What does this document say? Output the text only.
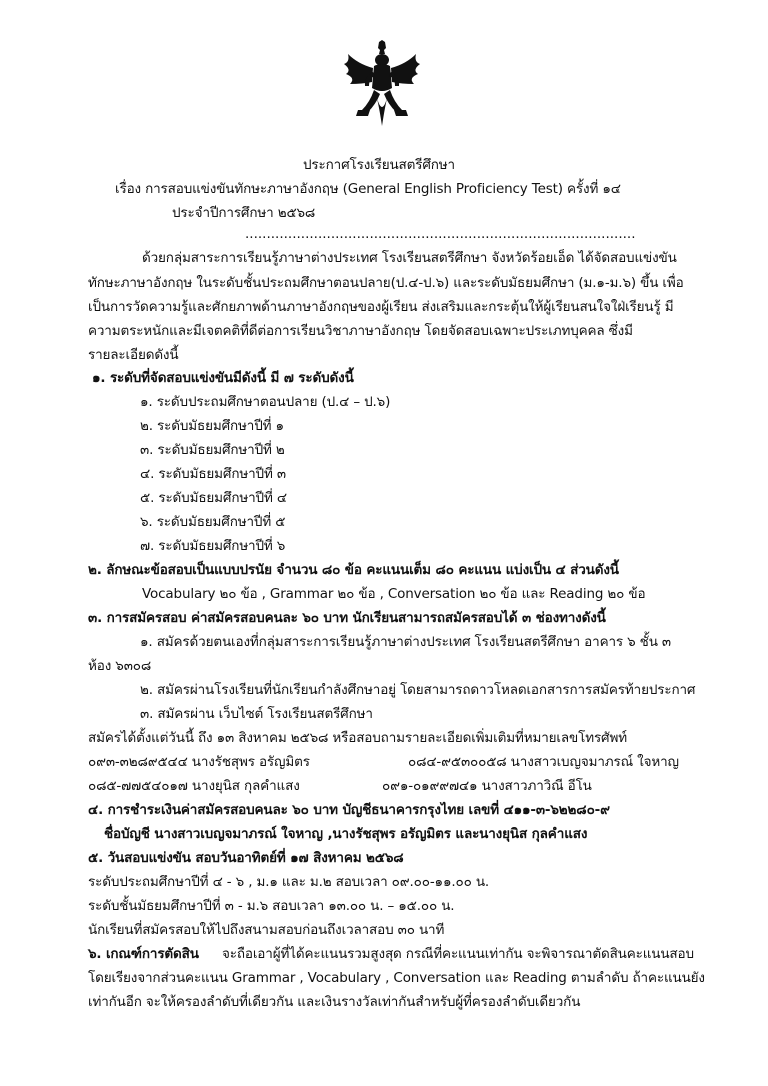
ประกาศโรงเรียนสตรีศึกษา
เรื่อง การสอบแข่งขันทักษะภาษาอังกฤษ (General English Proficiency Test) ครั้งที่ ๑๔
ประจำปีการศึกษา ๒๕๖๘
...........................................................................................
ด้วยกลุ่มสาระการเรียนรู้ภาษาต่างประเทศ โรงเรียนสตรีศึกษา จังหวัดร้อยเอ็ด ได้จัดสอบแข่งขัน
ทักษะภาษาอังกฤษ ในระดับชั้นประถมศึกษาตอนปลาย(ป.๔-ป.๖) และระดับมัธยมศึกษา (ม.๑-ม.๖) ขึ้น เพื่อ
เป็นการวัดความรู้และศักยภาพด้านภาษาอังกฤษของผู้เรียน ส่งเสริมและกระตุ้นให้ผู้เรียนสนใจใฝ่เรียนรู้ มี
ความตระหนักและมีเจตคติที่ดีต่อการเรียนวิชาภาษาอังกฤษ โดยจัดสอบเฉพาะประเภทบุคคล ซึ่งมี
รายละเอียดดังนี้
๑. ระดับที่จัดสอบแข่งขันมีดังนี้ มี ๗ ระดับดังนี้
๑. ระดับประถมศึกษาตอนปลาย (ป.๔ – ป.๖)
๒. ระดับมัธยมศึกษาปีที่ ๑
๓. ระดับมัธยมศึกษาปีที่ ๒
๔. ระดับมัธยมศึกษาปีที่ ๓
๕. ระดับมัธยมศึกษาปีที่ ๔
๖. ระดับมัธยมศึกษาปีที่ ๕
๗. ระดับมัธยมศึกษาปีที่ ๖
๒. ลักษณะข้อสอบเป็นแบบปรนัย จำนวน ๘๐ ข้อ คะแนนเต็ม ๘๐ คะแนน แบ่งเป็น ๔ ส่วนดังนี้
Vocabulary ๒๐ ข้อ , Grammar ๒๐ ข้อ , Conversation ๒๐ ข้อ และ Reading ๒๐ ข้อ
๓. การสมัครสอบ ค่าสมัครสอบคนละ ๖๐ บาท นักเรียนสามารถสมัครสอบได้ ๓ ช่องทางดังนี้
๑. สมัครด้วยตนเองที่กลุ่มสาระการเรียนรู้ภาษาต่างประเทศ โรงเรียนสตรีศึกษา อาคาร ๖ ชั้น ๓
ห้อง ๖๓๐๘
๒. สมัครผ่านโรงเรียนที่นักเรียนกำลังศึกษาอยู่ โดยสามารถดาวโหลดเอกสารการสมัครท้ายประกาศ
๓. สมัครผ่าน เว็บไซต์ โรงเรียนสตรีศึกษา
สมัครได้ตั้งแต่วันนี้ ถึง ๑๓ สิงหาคม ๒๕๖๘ หรือสอบถามรายละเอียดเพิ่มเติมที่หมายเลขโทรศัพท์
๐๙๓-๓๒๘๙๕๔๔ นางรัชสุพร อรัญมิตร	๐๘๔-๙๕๓๐๐๕๘ นางสาวเบญจมาภรณ์ ใจหาญ
๐๘๕-๗๗๕๔๐๑๗ นางยุนิส กุลคำแสง	๐๙๑-๐๑๙๙๗๔๑ นางสาวภาวิณี อีโน
๔. การชำระเงินค่าสมัครสอบคนละ ๖๐ บาท บัญชีธนาคารกรุงไทย เลขที่ ๔๑๑-๓-๖๒๒๘๐-๙
ชื่อบัญชี นางสาวเบญจมาภรณ์ ใจหาญ ,นางรัชสุพร อรัญมิตร และนางยุนิส กุลคำแสง
๕. วันสอบแข่งขัน สอบวันอาทิตย์ที่ ๑๗ สิงหาคม ๒๕๖๘
ระดับประถมศึกษาปีที่ ๔ - ๖ , ม.๑ และ ม.๒ สอบเวลา ๐๙.๐๐-๑๑.๐๐ น.
ระดับชั้นมัธยมศึกษาปีที่ ๓ - ม.๖ สอบเวลา ๑๓.๐๐ น. – ๑๕.๐๐ น.
นักเรียนที่สมัครสอบให้ไปถึงสนามสอบก่อนถึงเวลาสอบ ๓๐ นาที
๖. เกณฑ์การตัดสิน จะถือเอาผู้ที่ได้คะแนนรวมสูงสุด กรณีที่คะแนนเท่ากัน จะพิจารณาตัดสินคะแนนสอบ
โดยเรียงจากส่วนคะแนน Grammar , Vocabulary , Conversation และ Reading ตามลำดับ ถ้าคะแนนยัง
เท่ากันอีก จะให้ครองลำดับที่เดียวกัน และเงินรางวัลเท่ากันสำหรับผู้ที่ครองลำดับเดียวกัน
